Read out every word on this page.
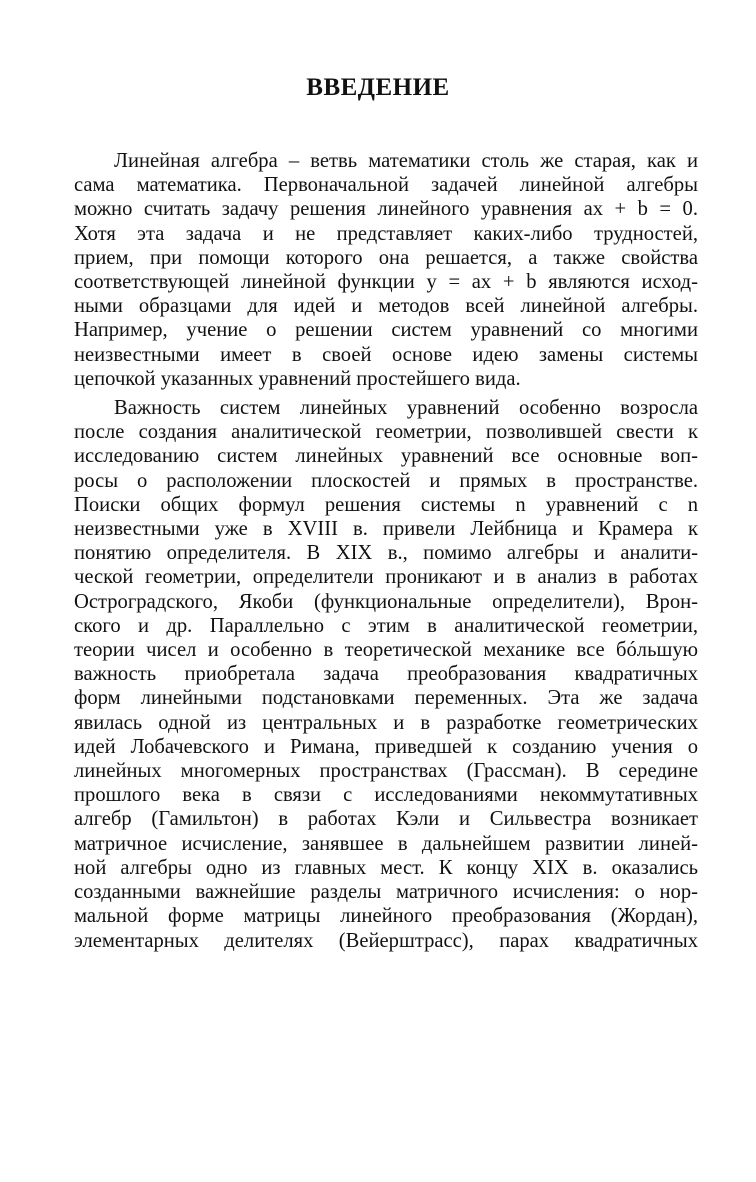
ВВЕДЕНИЕ
Линейная алгебра – ветвь математики столь же старая, как и
сама математика. Первоначальной задачей линейной алгебры
можно считать задачу решения линейного уравнения ax + b = 0.
Хотя эта задача и не представляет каких-либо трудностей,
прием, при помощи которого она решается, а также свойства
соответствующей линейной функции y = ax + b являются исход-
ными образцами для идей и методов всей линейной алгебры.
Например, учение о решении систем уравнений со многими
неизвестными имеет в своей основе идею замены системы
цепочкой указанных уравнений простейшего вида.
Важность систем линейных уравнений особенно возросла
после создания аналитической геометрии, позволившей свести к
исследованию систем линейных уравнений все основные воп-
росы о расположении плоскостей и прямых в пространстве.
Поиски общих формул решения системы n уравнений с n
неизвестными уже в XVIII в. привели Лейбница и Крамера к
понятию определителя. В XIX в., помимо алгебры и аналити-
ческой геометрии, определители проникают и в анализ в работах
Остроградского, Якоби (функциональные определители), Врон-
ского и др. Параллельно с этим в аналитической геометрии,
теории чисел и особенно в теоретической механике все бóльшую
важность приобретала задача преобразования квадратичных
форм линейными подстановками переменных. Эта же задача
явилась одной из центральных и в разработке геометрических
идей Лобачевского и Римана, приведшей к созданию учения о
линейных многомерных пространствах (Грассман). В середине
прошлого века в связи с исследованиями некоммутативных
алгебр (Гамильтон) в работах Кэли и Сильвестра возникает
матричное исчисление, занявшее в дальнейшем развитии линей-
ной алгебры одно из главных мест. К концу XIX в. оказались
созданными важнейшие разделы матричного исчисления: о нор-
мальной форме матрицы линейного преобразования (Жордан),
элементарных делителях (Вейерштрасс), парах квадратичных
